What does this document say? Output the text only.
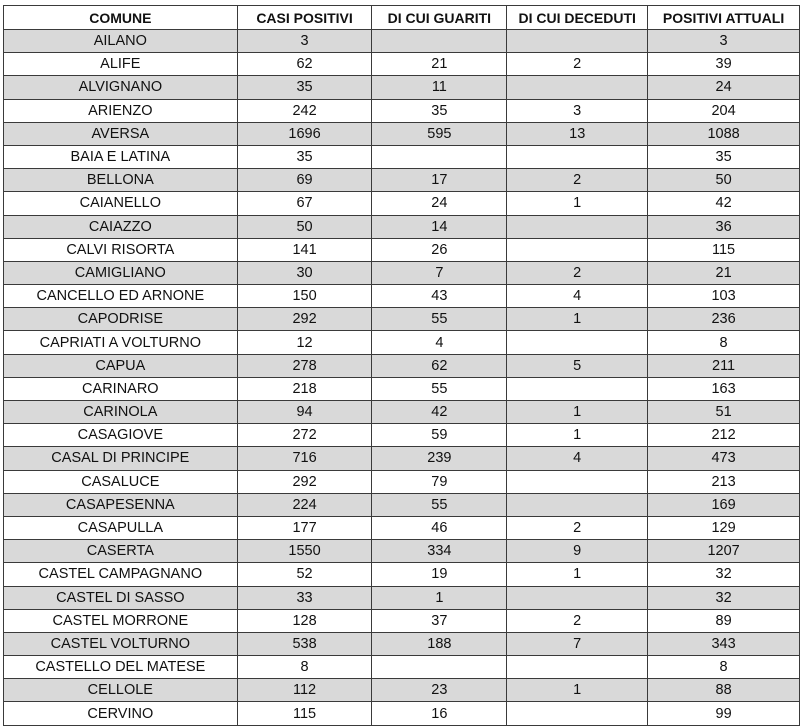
COMUNE	CASI POSITIVI	DI CUI GUARITI	DI CUI DECEDUTI	POSITIVI ATTUALI
AILANO	3			3
ALIFE	62	21	2	39
ALVIGNANO	35	11		24
ARIENZO	242	35	3	204
AVERSA	1696	595	13	1088
BAIA E LATINA	35			35
BELLONA	69	17	2	50
CAIANELLO	67	24	1	42
CAIAZZO	50	14		36
CALVI RISORTA	141	26		115
CAMIGLIANO	30	7	2	21
CANCELLO ED ARNONE	150	43	4	103
CAPODRISE	292	55	1	236
CAPRIATI A VOLTURNO	12	4		8
CAPUA	278	62	5	211
CARINARO	218	55		163
CARINOLA	94	42	1	51
CASAGIOVE	272	59	1	212
CASAL DI PRINCIPE	716	239	4	473
CASALUCE	292	79		213
CASAPESENNA	224	55		169
CASAPULLA	177	46	2	129
CASERTA	1550	334	9	1207
CASTEL CAMPAGNANO	52	19	1	32
CASTEL DI SASSO	33	1		32
CASTEL MORRONE	128	37	2	89
CASTEL VOLTURNO	538	188	7	343
CASTELLO DEL MATESE	8			8
CELLOLE	112	23	1	88
CERVINO	115	16		99
